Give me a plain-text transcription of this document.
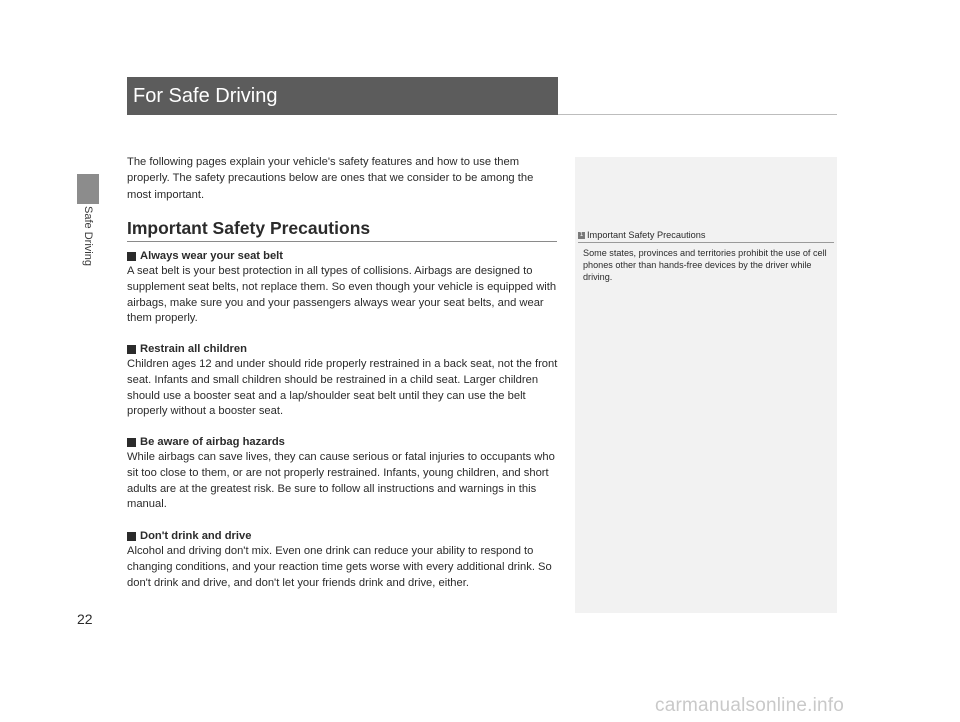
Safe Driving
For Safe Driving

The following pages explain your vehicle's safety features and how to use them properly. The safety precautions below are ones that we consider to be among the most important.

Important Safety Precautions

Always wear your seat belt

A seat belt is your best protection in all types of collisions. Airbags are designed to supplement seat belts, not replace them. So even though your vehicle is equipped with airbags, make sure you and your passengers always wear your seat belts, and wear them properly.

Restrain all children

Children ages 12 and under should ride properly restrained in a back seat, not the front seat. Infants and small children should be restrained in a child seat. Larger children should use a booster seat and a lap/shoulder seat belt until they can use the belt properly without a booster seat.

Be aware of airbag hazards

While airbags can save lives, they can cause serious or fatal injuries to occupants who sit too close to them, or are not properly restrained. Infants, young children, and short adults are at the greatest risk. Be sure to follow all instructions and warnings in this manual.

Don't drink and drive

Alcohol and driving don't mix. Even one drink can reduce your ability to respond to changing conditions, and your reaction time gets worse with every additional drink. So don't drink and drive, and don't let your friends drink and drive, either.

1 Important Safety Precautions

Some states, provinces and territories prohibit the use of cell phones other than hands-free devices by the driver while driving.

22
carmanualsonline.info
